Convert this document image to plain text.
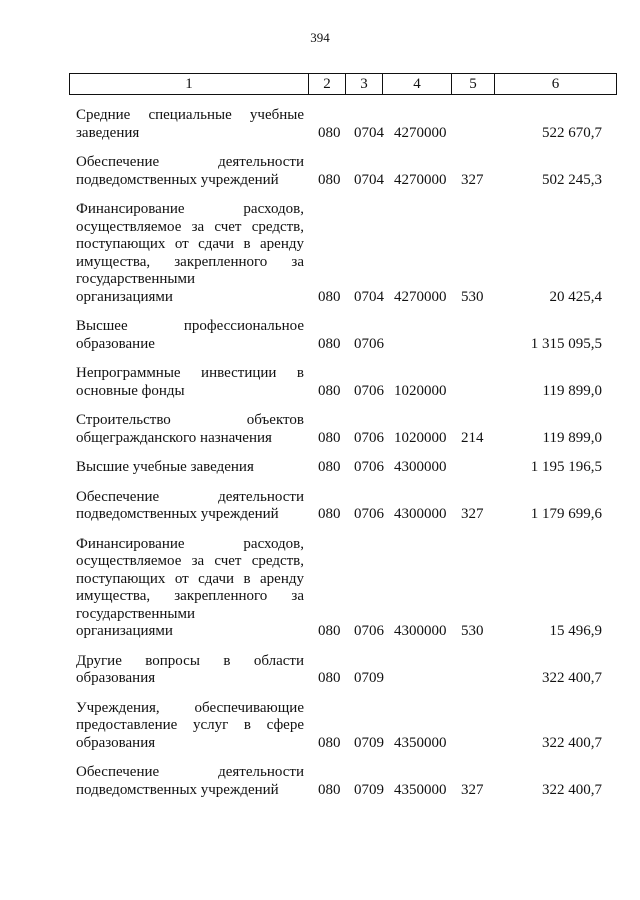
394
1	2	3	4	5	6
Средние специальные учебные
заведения	080 0704 4270000	522 670,7
Обеспечение деятельности
подведомственных учреждений	080 0704 4270000 327	502 245,3
Финансирование расходов,
осуществляемое за счет средств,
поступающих от сдачи в аренду
имущества, закрепленного за
государственными
организациями	080 0704 4270000 530	20 425,4
Высшее профессиональное
образование	080 0706	1 315 095,5
Непрограммные инвестиции в
основные фонды	080 0706 1020000	119 899,0
Строительство объектов
общегражданского назначения	080 0706 1020000 214	119 899,0
Высшие учебные заведения	080 0706 4300000	1 195 196,5
Обеспечение деятельности
подведомственных учреждений	080 0706 4300000 327	1 179 699,6
Финансирование расходов,
осуществляемое за счет средств,
поступающих от сдачи в аренду
имущества, закрепленного за
государственными
организациями	080 0706 4300000 530	15 496,9
Другие вопросы в области
образования	080 0709	322 400,7
Учреждения, обеспечивающие
предоставление услуг в сфере
образования	080 0709 4350000	322 400,7
Обеспечение деятельности
подведомственных учреждений	080 0709 4350000 327	322 400,7
